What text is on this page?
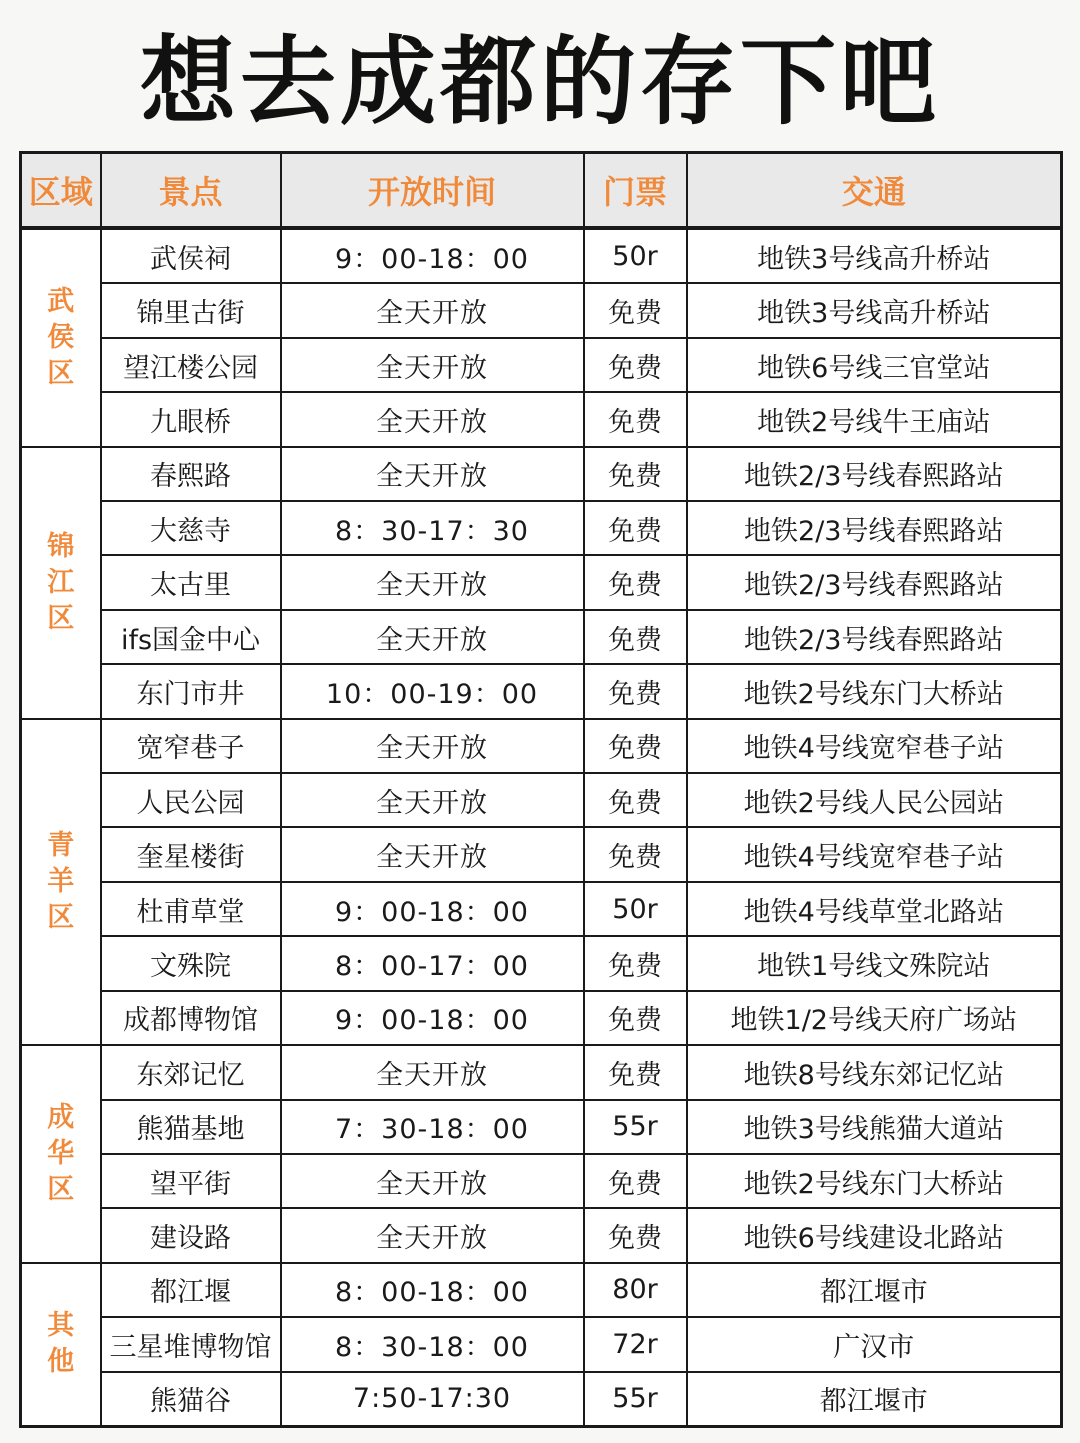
想去成都的存下吧
区域	景点	开放时间	门票	交通

武侯区	武侯祠	9：00-18：00	50r	地铁3号线高升桥站
	锦里古街	全天开放	免费	地铁3号线高升桥站
	望江楼公园	全天开放	免费	地铁6号线三官堂站
	九眼桥	全天开放	免费	地铁2号线牛王庙站

锦江区	春熙路	全天开放	免费	地铁2/3号线春熙路站
	大慈寺	8：30-17：30	免费	地铁2/3号线春熙路站
	太古里	全天开放	免费	地铁2/3号线春熙路站
	ifs国金中心	全天开放	免费	地铁2/3号线春熙路站
	东门市井	10：00-19：00	免费	地铁2号线东门大桥站

青羊区	宽窄巷子	全天开放	免费	地铁4号线宽窄巷子站
	人民公园	全天开放	免费	地铁2号线人民公园站
	奎星楼街	全天开放	免费	地铁4号线宽窄巷子站
	杜甫草堂	9：00-18：00	50r	地铁4号线草堂北路站
	文殊院	8：00-17：00	免费	地铁1号线文殊院站
	成都博物馆	9：00-18：00	免费	地铁1/2号线天府广场站

成华区	东郊记忆	全天开放	免费	地铁8号线东郊记忆站
	熊猫基地	7：30-18：00	55r	地铁3号线熊猫大道站
	望平街	全天开放	免费	地铁2号线东门大桥站
	建设路	全天开放	免费	地铁6号线建设北路站

其他	都江堰	8：00-18：00	80r	都江堰市
	三星堆博物馆	8：30-18：00	72r	广汉市
	熊猫谷	7:50-17:30	55r	都江堰市
